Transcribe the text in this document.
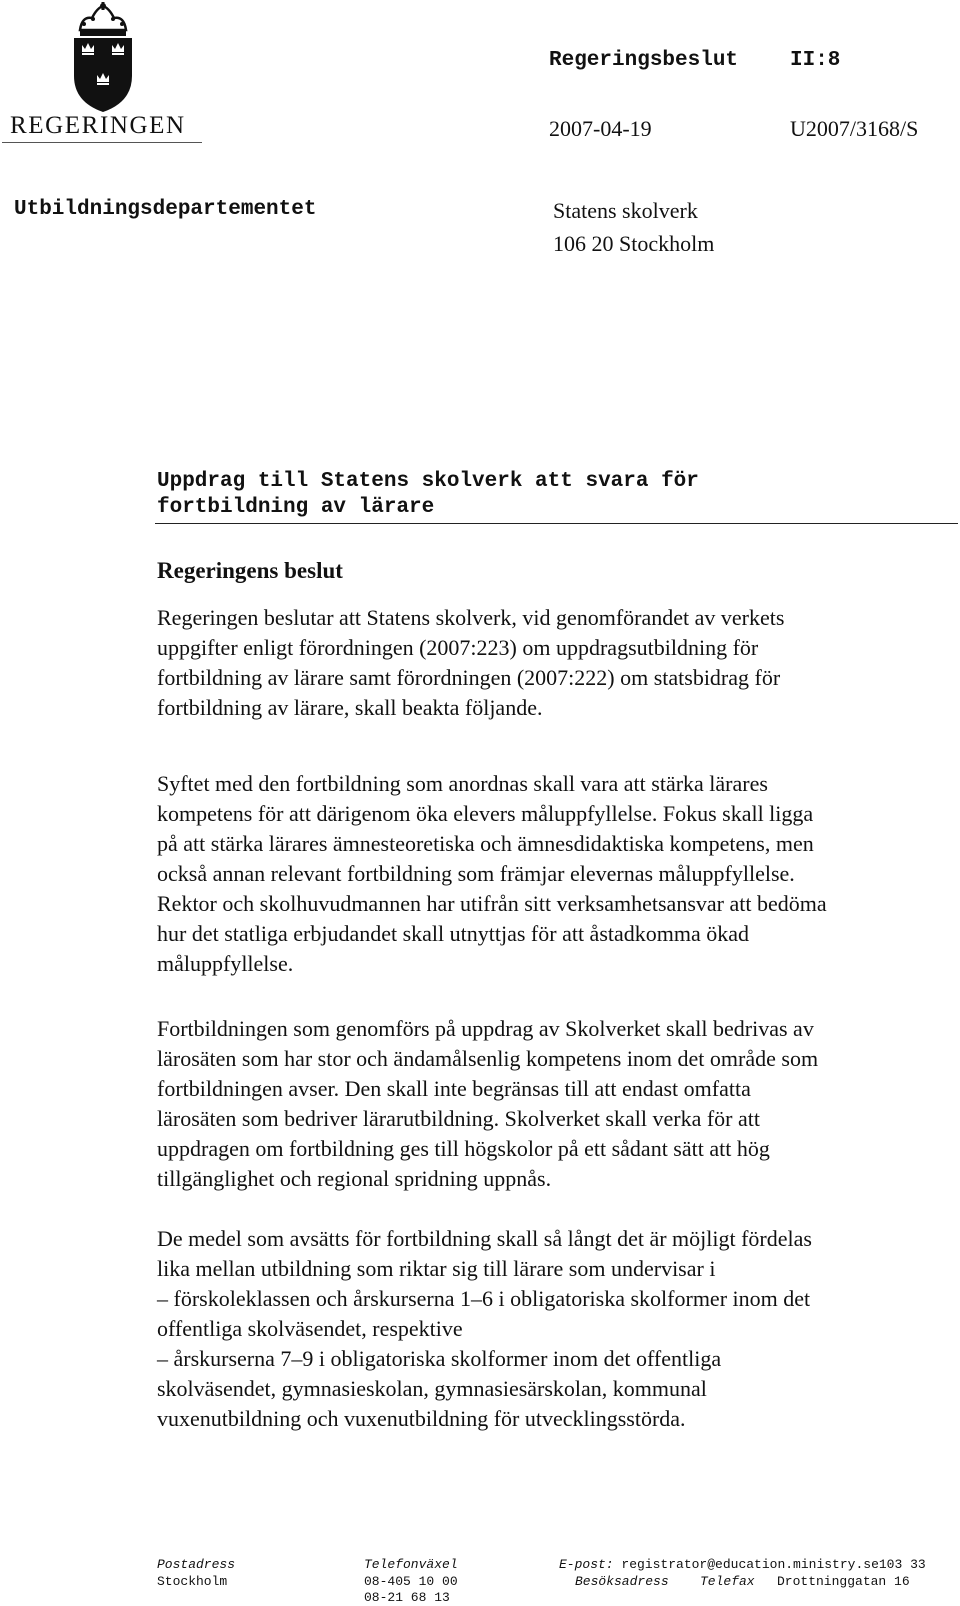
REGERINGEN
Regeringsbeslut II:8
2007-04-19	U2007/3168/S
Utbildningsdepartementet	Statens skolverk
106 20 Stockholm
Uppdrag till Statens skolverk att svara för
fortbildning av lärare
Regeringens beslut
Regeringen beslutar att Statens skolverk, vid genomförandet av verkets
uppgifter enligt förordningen (2007:223) om uppdragsutbildning för
fortbildning av lärare samt förordningen (2007:222) om statsbidrag för
fortbildning av lärare, skall beakta följande.
Syftet med den fortbildning som anordnas skall vara att stärka lärares
kompetens för att därigenom öka elevers måluppfyllelse. Fokus skall ligga
på att stärka lärares ämnesteoretiska och ämnesdidaktiska kompetens, men
också annan relevant fortbildning som främjar elevernas måluppfyllelse.
Rektor och skolhuvudmannen har utifrån sitt verksamhetsansvar att bedöma
hur det statliga erbjudandet skall utnyttjas för att åstadkomma ökad
måluppfyllelse.
Fortbildningen som genomförs på uppdrag av Skolverket skall bedrivas av
lärosäten som har stor och ändamålsenlig kompetens inom det område som
fortbildningen avser. Den skall inte begränsas till att endast omfatta
lärosäten som bedriver lärarutbildning. Skolverket skall verka för att
uppdragen om fortbildning ges till högskolor på ett sådant sätt att hög
tillgänglighet och regional spridning uppnås.
De medel som avsätts för fortbildning skall så långt det är möjligt fördelas
lika mellan utbildning som riktar sig till lärare som undervisar i
– förskoleklassen och årskurserna 1–6 i obligatoriska skolformer inom det
offentliga skolväsendet, respektive
– årskurserna 7–9 i obligatoriska skolformer inom det offentliga
skolväsendet, gymnasieskolan, gymnasiesärskolan, kommunal
vuxenutbildning och vuxenutbildning för utvecklingsstörda.
Postadress
Stockholm
Telefonväxel
08-405 10 00
08-21 68 13
E-post: registrator@education.ministry.se103 33
Besöksadress Telefax Drottninggatan 16
